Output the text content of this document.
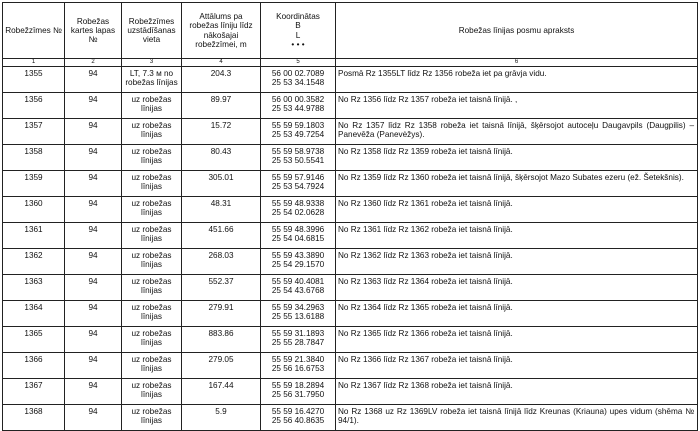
Robežzīmes №	Robežas kartes lapas №	Robežzīmes uzstādīšanas vieta	Attālums pa robežas līniju līdz nākošajai robežzīmei, m	Koordinātas
B
L
• • •	Robežas līnijas posmu apraksts
1	2	3	4	5	6
1355	94	LT, 7.3 м no robežas līnijas	204.3	56 00 02.7089
25 53 34.1548	Posmā Rz 1355LT līdz Rz 1356 robeža iet pa grāvja vidu.
1356	94	uz robežas līnijas	89.97	56 00 00.3582
25 53 44.9788	No Rz 1356 līdz Rz 1357 robeža iet taisnā līnijā. ,
1357	94	uz robežas līnijas	15.72	55 59 59.1803
25 53 49.7254	No Rz 1357 līdz Rz 1358 robeža iet taisnā līnijā, šķērsojot autoceļu Daugavpils (Daugpilis) – Panevēža (Panevėžys).
1358	94	uz robežas līnijas	80.43	55 59 58.9738
25 53 50.5541	No Rz 1358 līdz Rz 1359 robeža iet taisnā līnijā.
1359	94	uz robežas līnijas	305.01	55 59 57.9146
25 53 54.7924	No Rz 1359 līdz Rz 1360 robeža iet taisnā līnijā, šķērsojot Mazo Subates ezeru (ež. Šetekšnis).
1360	94	uz robežas līnijas	48.31	55 59 48.9338
25 54 02.0628	No Rz 1360 līdz Rz 1361 robeža iet taisnā līnijā.
1361	94	uz robežas līnijas	451.66	55 59 48.3996
25 54 04.6815	No Rz 1361 līdz Rz 1362 robeža iet taisnā līnijā.
1362	94	uz robežas līnijas	268.03	55 59 43.3890
25 54 29.1570	No Rz 1362 līdz Rz 1363 robeža iet taisnā līnijā.
1363	94	uz robežas līnijas	552.37	55 59 40.4081
25 54 43.6768	No Rz 1363 līdz Rz 1364 robeža iet taisnā līnijā.
1364	94	uz robežas līnijas	279.91	55 59 34.2963
25 55 13.6188	No Rz 1364 līdz Rz 1365 robeža iet taisnā līnijā.
1365	94	uz robežas līnijas	883.86	55 59 31.1893
25 55 28.7847	No Rz 1365 līdz Rz 1366 robeža iet taisnā līnijā.
1366	94	uz robežas līnijas	279.05	55 59 21.3840
25 56 16.6753	No Rz 1366 līdz Rz 1367 robeža iet taisnā līnijā.
1367	94	uz robežas līnijas	167.44	55 59 18.2894
25 56 31.7950	No Rz 1367 līdz Rz 1368 robeža iet taisnā līnijā.
1368	94	uz robežas līnijas	5.9	55 59 16.4270
25 56 40.8635	No Rz 1368 uz Rz 1369LV robeža iet taisnā līnijā līdz Kreunas (Kriauna) upes vidum (shēma № 94/1).
